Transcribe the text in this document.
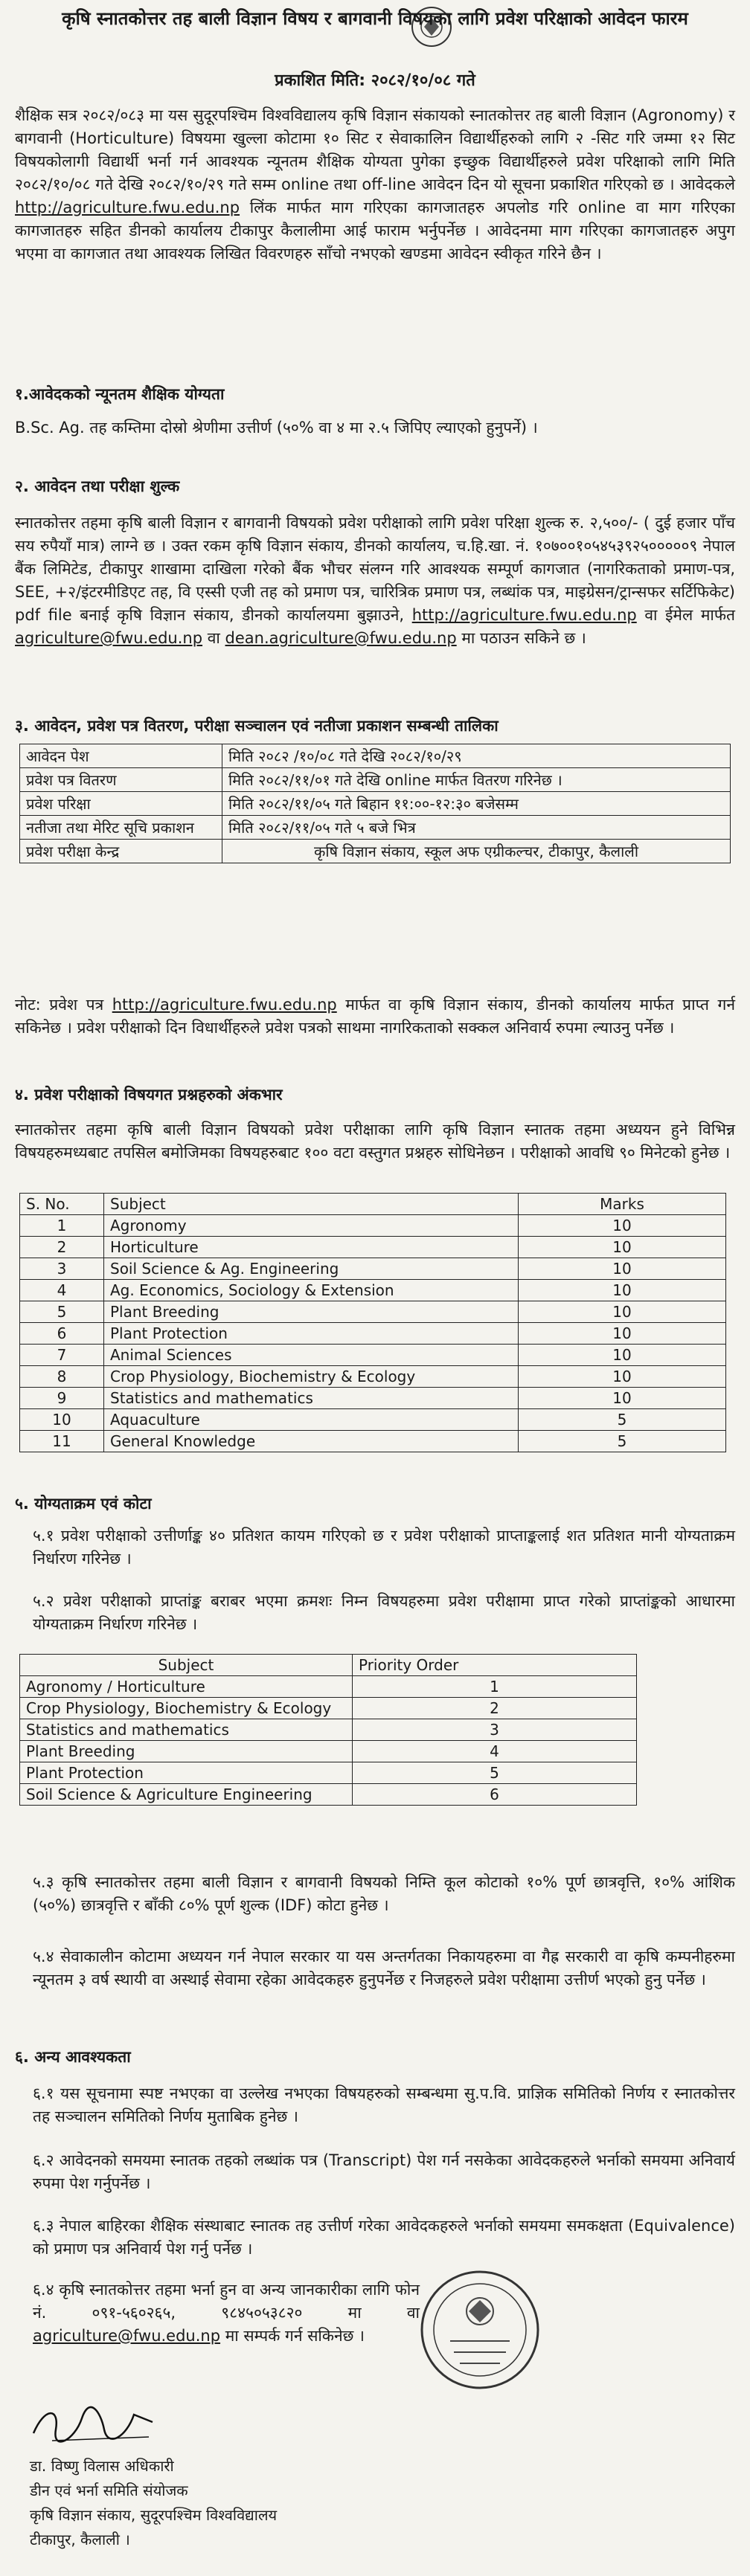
कृषि स्नातकोत्तर तह बाली विज्ञान विषय र बागवानी विषयका लागि प्रवेश परिक्षाको आवेदन फारम
प्रकाशित मिति: २०८२/१०/०८ गते

शैक्षिक सत्र २०८२/०८३ मा यस सुदूरपश्चिम विश्वविद्यालय कृषि विज्ञान संकायको स्नातकोत्तर तह बाली विज्ञान (Agronomy) र बागवानी (Horticulture) विषयमा खुल्ला कोटामा १० सिट र सेवाकालिन विद्यार्थीहरुको लागि २ -सिट गरि जम्मा १२ सिट विषयकोलागी विद्यार्थी भर्ना गर्न आवश्यक न्यूनतम शैक्षिक योग्यता पुगेका इच्छुक विद्यार्थीहरुले प्रवेश परिक्षाको लागि मिति २०८२/१०/०८ गते देखि २०८२/१०/२९ गते सम्म online तथा off-line आवेदन दिन यो सूचना प्रकाशित गरिएको छ । आवेदकले http://agriculture.fwu.edu.np लिंक मार्फत माग गरिएका कागजातहरु अपलोड गरि online वा माग गरिएका कागजातहरु सहित डीनको कार्यालय टीकापुर कैलालीमा आई फाराम भर्नुपर्नेछ । आवेदनमा माग गरिएका कागजातहरु अपुग भएमा वा कागजात तथा आवश्यक लिखित विवरणहरु साँचो नभएको खण्डमा आवेदन स्वीकृत गरिने छैन ।

१.आवेदकको न्यूनतम शैक्षिक योग्यता

B.Sc. Ag. तह कम्तिमा दोस्रो श्रेणीमा उत्तीर्ण (५०% वा ४ मा २.५ जिपिए ल्याएको हुनुपर्ने) ।

२. आवेदन तथा परीक्षा शुल्क

स्नातकोत्तर तहमा कृषि बाली विज्ञान र बागवानी विषयको प्रवेश परीक्षाको लागि प्रवेश परिक्षा शुल्क रु. २,५००/- ( दुई हजार पाँच सय रुपैयाँ मात्र) लाग्ने छ । उक्त रकम कृषि विज्ञान संकाय, डीनको कार्यालय, च.हि.खा. नं. १०७००१०५४५३९२५०००००९ नेपाल बैंक लिमिटेड, टीकापुर शाखामा दाखिला गरेको बैंक भौचर संलग्न गरि आवश्यक सम्पूर्ण कागजात (नागरिकताको प्रमाण-पत्र, SEE, +२/इंटरमीडिएट तह, वि एस्सी एजी तह को प्रमाण पत्र, चारित्रिक प्रमाण पत्र, लब्धांक पत्र, माइग्रेसन/ट्रान्सफर सर्टिफिकेट) pdf file बनाई कृषि विज्ञान संकाय, डीनको कार्यालयमा बुझाउने, http://agriculture.fwu.edu.np वा ईमेल मार्फत agriculture@fwu.edu.np वा dean.agriculture@fwu.edu.np मा पठाउन सकिने छ ।

३. आवेदन, प्रवेश पत्र वितरण, परीक्षा सञ्चालन एवं नतीजा प्रकाशन सम्बन्धी तालिका
आवेदन पेश	मिति २०८२ /१०/०८ गते देखि २०८२/१०/२९
प्रवेश पत्र वितरण	मिति २०८२/११/०१ गते देखि online मार्फत वितरण गरिनेछ ।
प्रवेश परिक्षा	मिति २०८२/११/०५ गते बिहान ११:००-१२:३० बजेसम्म
नतीजा तथा मेरिट सूचि प्रकाशन	मिति २०८२/११/०५ गते ५ बजे भित्र
प्रवेश परीक्षा केन्द्र	कृषि विज्ञान संकाय, स्कूल अफ एग्रीकल्चर, टीकापुर, कैलाली

नोट: प्रवेश पत्र http://agriculture.fwu.edu.np मार्फत वा कृषि विज्ञान संकाय, डीनको कार्यालय मार्फत प्राप्त गर्न सकिनेछ । प्रवेश परीक्षाको दिन विधार्थीहरुले प्रवेश पत्रको साथमा नागरिकताको सक्कल अनिवार्य रुपमा ल्याउनु पर्नेछ ।

४. प्रवेश परीक्षाको विषयगत प्रश्नहरुको अंकभार

स्नातकोत्तर तहमा कृषि बाली विज्ञान विषयको प्रवेश परीक्षाका लागि कृषि विज्ञान स्नातक तहमा अध्ययन हुने विभिन्न विषयहरुमध्यबाट तपसिल बमोजिमका विषयहरुबाट १०० वटा वस्तुगत प्रश्नहरु सोधिनेछन । परीक्षाको आवधि ९० मिनेटको हुनेछ ।

S. No.	Subject	Marks
1	Agronomy	10
2	Horticulture	10
3	Soil Science & Ag. Engineering	10
4	Ag. Economics, Sociology & Extension	10
5	Plant Breeding	10
6	Plant Protection	10
7	Animal Sciences	10
8	Crop Physiology, Biochemistry & Ecology	10
9	Statistics and mathematics	10
10	Aquaculture	5
11	General Knowledge	5
५. योग्यताक्रम एवं कोटा

५.१ प्रवेश परीक्षाको उत्तीर्णाङ्क ४० प्रतिशत कायम गरिएको छ र प्रवेश परीक्षाको प्राप्ताङ्कलाई शत प्रतिशत मानी योग्यताक्रम निर्धारण गरिनेछ ।

५.२ प्रवेश परीक्षाको प्राप्तांङ्क बराबर भएमा क्रमशः निम्न विषयहरुमा प्रवेश परीक्षामा प्राप्त गरेको प्राप्तांङ्कको आधारमा योग्यताक्रम निर्धारण गरिनेछ ।

Subject	Priority Order
Agronomy / Horticulture	1
Crop Physiology, Biochemistry & Ecology	2
Statistics and mathematics	3
Plant Breeding	4
Plant Protection	5
Soil Science & Agriculture Engineering	6

५.३ कृषि स्नातकोत्तर तहमा बाली विज्ञान र बागवानी विषयको निम्ति कूल कोटाको १०% पूर्ण छात्रवृत्ति, १०% आंशिक (५०%) छात्रवृत्ति र बाँकी ८०% पूर्ण शुल्क (IDF) कोटा हुनेछ ।

५.४ सेवाकालीन कोटामा अध्ययन गर्न नेपाल सरकार या यस अन्तर्गतका निकायहरुमा वा गैह्र सरकारी वा कृषि कम्पनीहरुमा न्यूनतम ३ वर्ष स्थायी वा अस्थाई सेवामा रहेका आवेदकहरु हुनुपर्नेछ र निजहरुले प्रवेश परीक्षामा उत्तीर्ण भएको हुनु पर्नेछ ।

६. अन्य आवश्यकता

६.१ यस सूचनामा स्पष्ट नभएका वा उल्लेख नभएका विषयहरुको सम्बन्धमा सु.प.वि. प्राज्ञिक समितिको निर्णय र स्नातकोत्तर तह सञ्चालन समितिको निर्णय मुताबिक हुनेछ ।

६.२ आवेदनको समयमा स्नातक तहको लब्धांक पत्र (Transcript) पेश गर्न नसकेका आवेदकहरुले भर्नाको समयमा अनिवार्य रुपमा पेश गर्नुपर्नेछ ।

६.३ नेपाल बाहिरका शैक्षिक संस्थाबाट स्नातक तह उत्तीर्ण गरेका आवेदकहरुले भर्नाको समयमा समकक्षता (Equivalence) को प्रमाण पत्र अनिवार्य पेश गर्नु पर्नेछ ।

६.४ कृषि स्नातकोत्तर तहमा भर्ना हुन वा अन्य जानकारीका लागि फोन नं. ०९१-५६०२६५, ९८४५०५३८२० मा वा agriculture@fwu.edu.np मा सम्पर्क गर्न सकिनेछ ।

डा. विष्णु विलास अधिकारी
डीन एवं भर्ना समिति संयोजक
कृषि विज्ञान संकाय, सुदूरपश्चिम विश्वविद्यालय
टीकापुर, कैलाली ।
